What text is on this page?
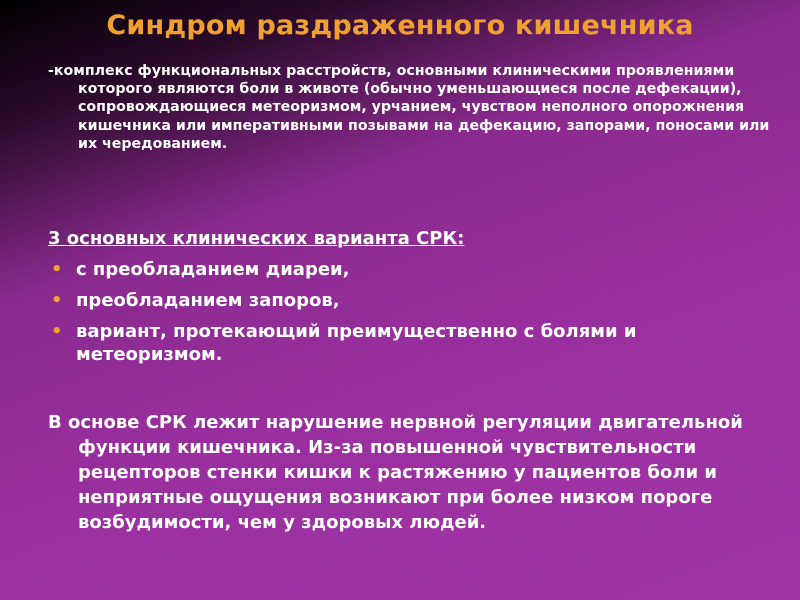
Синдром раздраженного кишечника
-комплекс функциональных расстройств, основными клиническими проявлениями которого являются боли в животе (обычно уменьшающиеся после дефекации), сопровождающиеся метеоризмом, урчанием, чувством неполного опорожнения кишечника или императивными позывами на дефекацию, запорами, поносами или их чередованием.
3 основных клинических варианта СРК:
• с преобладанием диареи,
• преобладанием запоров,
• вариант, протекающий преимущественно с болями и метеоризмом.
В основе СРК лежит нарушение нервной регуляции двигательной функции кишечника. Из-за повышенной чувствительности рецепторов стенки кишки к растяжению у пациентов боли и неприятные ощущения возникают при более низком пороге возбудимости, чем у здоровых людей.
